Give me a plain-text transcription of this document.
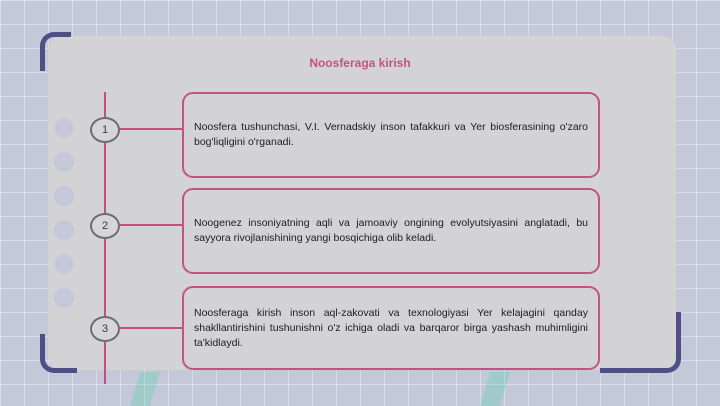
Noosferaga kirish
1	Noosfera tushunchasi, V.I. Vernadskiy inson tafakkuri va Yer biosferasining o'zaro bog'liqligini o'rganadi.

2	Noogenez insoniyatning aqli va jamoaviy ongining evolyutsiyasini anglatadi, bu sayyora rivojlanishining yangi bosqichiga olib keladi.

3

Noosferaga kirish inson aql-zakovati va texnologiyasi Yer kelajagini qanday shakllantirishini tushunishni o'z ichiga oladi va barqaror birga yashash muhimligini ta'kidlaydi.
